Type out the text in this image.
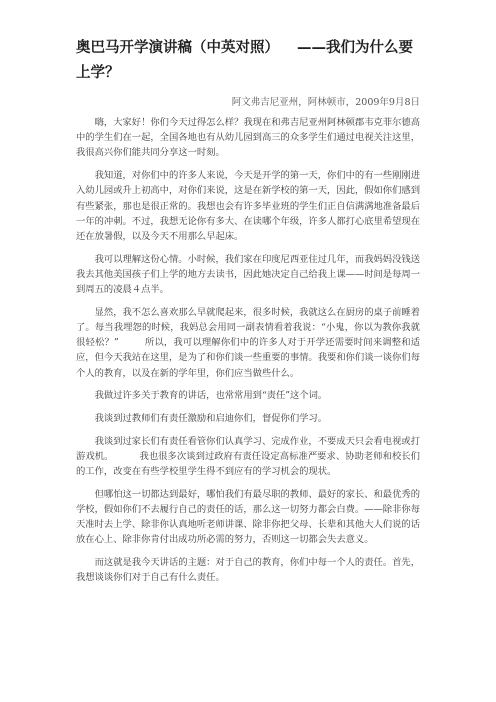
奥巴马开学演讲稿（中英对照） ——我们为什么要上学？
阿文弗吉尼亚州，阿林顿市，2009年9月8日

嗨，大家好！你们今天过得怎么样？我现在和弗吉尼亚州阿林顿郡韦克菲尔德高中的学生们在一起，全国各地也有从幼儿园到高三的众多学生们通过电视关注这里，我很高兴你们能共同分享这一时刻。

我知道，对你们中的许多人来说，今天是开学的第一天，你们中的有一些刚刚进入幼儿园或升上初高中，对你们来说，这是在新学校的第一天，因此，假如你们感到有些紧张，那也是很正常的。我想也会有许多毕业班的学生们正自信满满地准备最后一年的冲刺。不过，我想无论你有多大、在读哪个年级，许多人都打心底里希望现在还在放暑假，以及今天不用那么早起床。

我可以理解这份心情。小时候，我们家在印度尼西亚住过几年，而我妈妈没钱送我去其他美国孩子们上学的地方去读书，因此她决定自己给我上课——时间是每周一到周五的凌晨４点半。

显然，我不怎么喜欢那么早就爬起来，很多时候，我就这么在厨房的桌子前睡着了。每当我埋怨的时候，我妈总会用同一副表情看着我说：“小鬼，你以为教你我就很轻松？”	所以，我可以理解你们中的许多人对于开学还需要时间来调整和适应，但今天我站在这里，是为了和你们谈一些重要的事情。我要和你们谈一谈你们每个人的教育，以及在新的学年里，你们应当做些什么。

我做过许多关于教育的讲话，也常常用到“责任”这个词。

我谈到过教师们有责任激励和启迪你们，督促你们学习。

我谈到过家长们有责任看管你们认真学习、完成作业，不要成天只会看电视或打游戏机。	我也很多次谈到过政府有责任设定高标准严要求、协助老师和校长们的工作，改变在有些学校里学生得不到应有的学习机会的现状。

但哪怕这一切都达到最好，哪怕我们有最尽职的教师、最好的家长、和最优秀的学校，假如你们不去履行自己的责任的话，那么这一切努力都会白费。——除非你每天准时去上学、除非你认真地听老师讲课、除非你把父母、长辈和其他大人们说的话放在心上、除非你肯付出成功所必需的努力，否则这一切都会失去意义。

而这就是我今天讲话的主题：对于自己的教育，你们中每一个人的责任。首先，我想谈谈你们对于自己有什么责任。
